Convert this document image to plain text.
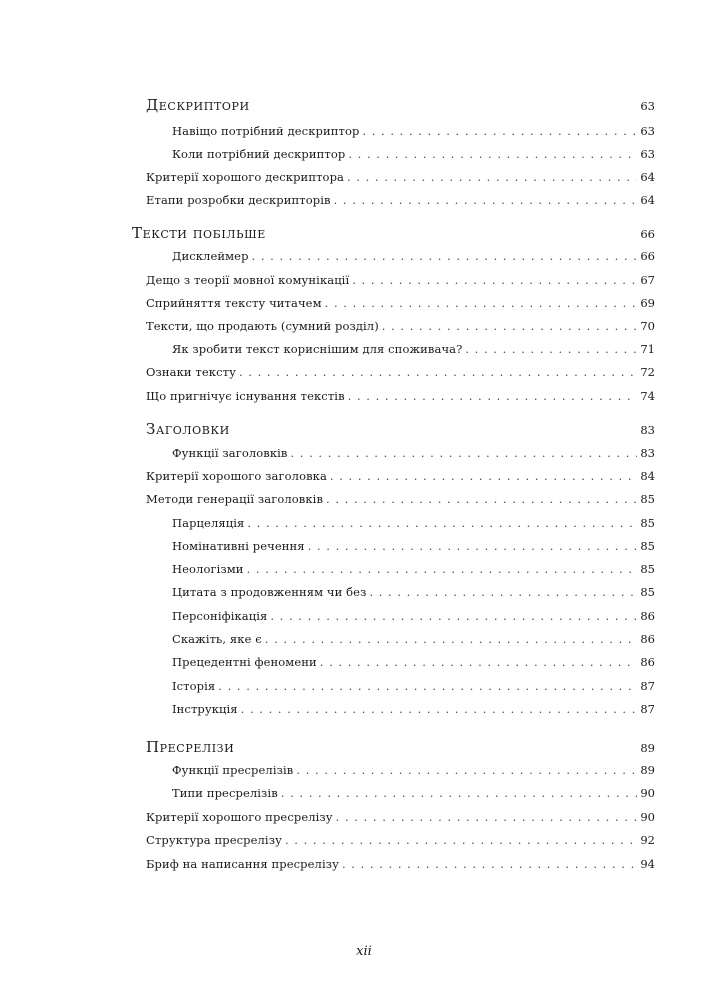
Дескриптори	63
Навіщо потрібний дескриптор . . .	63
Коли потрібний дескриптор . . .	63
Критерії хорошого дескриптора . . .	64
Етапи розробки дескрипторів . . .	64
Тексти побільше	66
Дисклеймер . . .	66
Дещо з теорії мовної комунікації . . .	67
Сприйняття тексту читачем . . .	69
Тексти, що продають (сумний розділ) . . .	70
Як зробити текст кориснішим для споживача? . . .	71
Ознаки тексту . . .	72
Що пригнічує існування текстів . . .	74
Заголовки	83
Функції заголовків . . .	83
Критерії хорошого заголовка . . .	84
Методи генерації заголовків . . .	85
Парцеляція . . .	85
Номінативні речення . . .	85
Неологізми . . .	85
Цитата з продовженням чи без . . .	85
Персоніфікація . . .	86
Скажіть, яке є . . .	86
Прецедентні феномени . . .	86
Історія . . .	87
Інструкція . . .	87
Пресрелізи	89
Функції пресрелізів . . .	89
Типи пресрелізів . . .	90
Критерії хорошого пресрелізу . . .	90
Структура пресрелізу . . .	92
Бриф на написання пресрелізу . . .	94
xii
